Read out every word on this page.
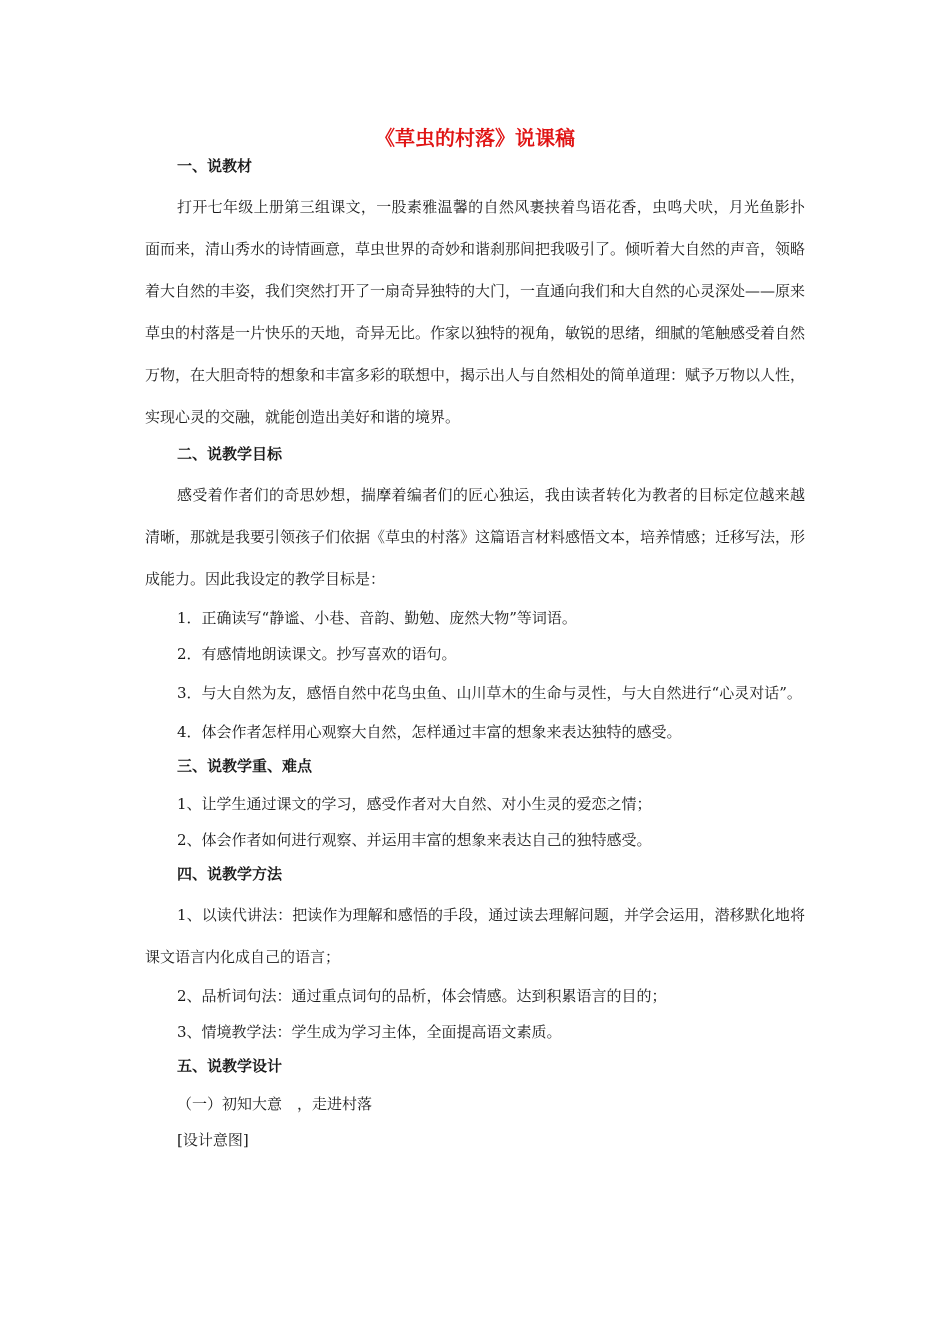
《草虫的村落》说课稿
一、说教材

打开七年级上册第三组课文，一股素雅温馨的自然风裹挟着鸟语花香，虫鸣犬吠，月光鱼影扑面而来，清山秀水的诗情画意，草虫世界的奇妙和谐刹那间把我吸引了。倾听着大自然的声音，领略着大自然的丰姿，我们突然打开了一扇奇异独特的大门，一直通向我们和大自然的心灵深处——原来草虫的村落是一片快乐的天地，奇异无比。作家以独特的视角，敏锐的思绪，细腻的笔触感受着自然万物，在大胆奇特的想象和丰富多彩的联想中，揭示出人与自然相处的简单道理：赋予万物以人性，实现心灵的交融，就能创造出美好和谐的境界。

二、说教学目标

感受着作者们的奇思妙想，揣摩着编者们的匠心独运，我由读者转化为教者的目标定位越来越清晰，那就是我要引领孩子们依据《草虫的村落》这篇语言材料感悟文本，培养情感；迁移写法，形成能力。因此我设定的教学目标是：

1．正确读写“静谧、小巷、音韵、勤勉、庞然大物”等词语。

2．有感情地朗读课文。抄写喜欢的语句。

3．与大自然为友，感悟自然中花鸟虫鱼、山川草木的生命与灵性，与大自然进行“心灵对话”。

4．体会作者怎样用心观察大自然，怎样通过丰富的想象来表达独特的感受。

三、说教学重、难点

1、让学生通过课文的学习，感受作者对大自然、对小生灵的爱恋之情；

2、体会作者如何进行观察、并运用丰富的想象来表达自己的独特感受。

四、说教学方法

1、以读代讲法：把读作为理解和感悟的手段，通过读去理解问题，并学会运用，潜移默化地将课文语言内化成自己的语言；

2、品析词句法：通过重点词句的品析，体会情感。达到积累语言的目的；

3、情境教学法：学生成为学习主体，全面提高语文素质。

五、说教学设计

（一）初知大意　，走进村落

[设计意图]
